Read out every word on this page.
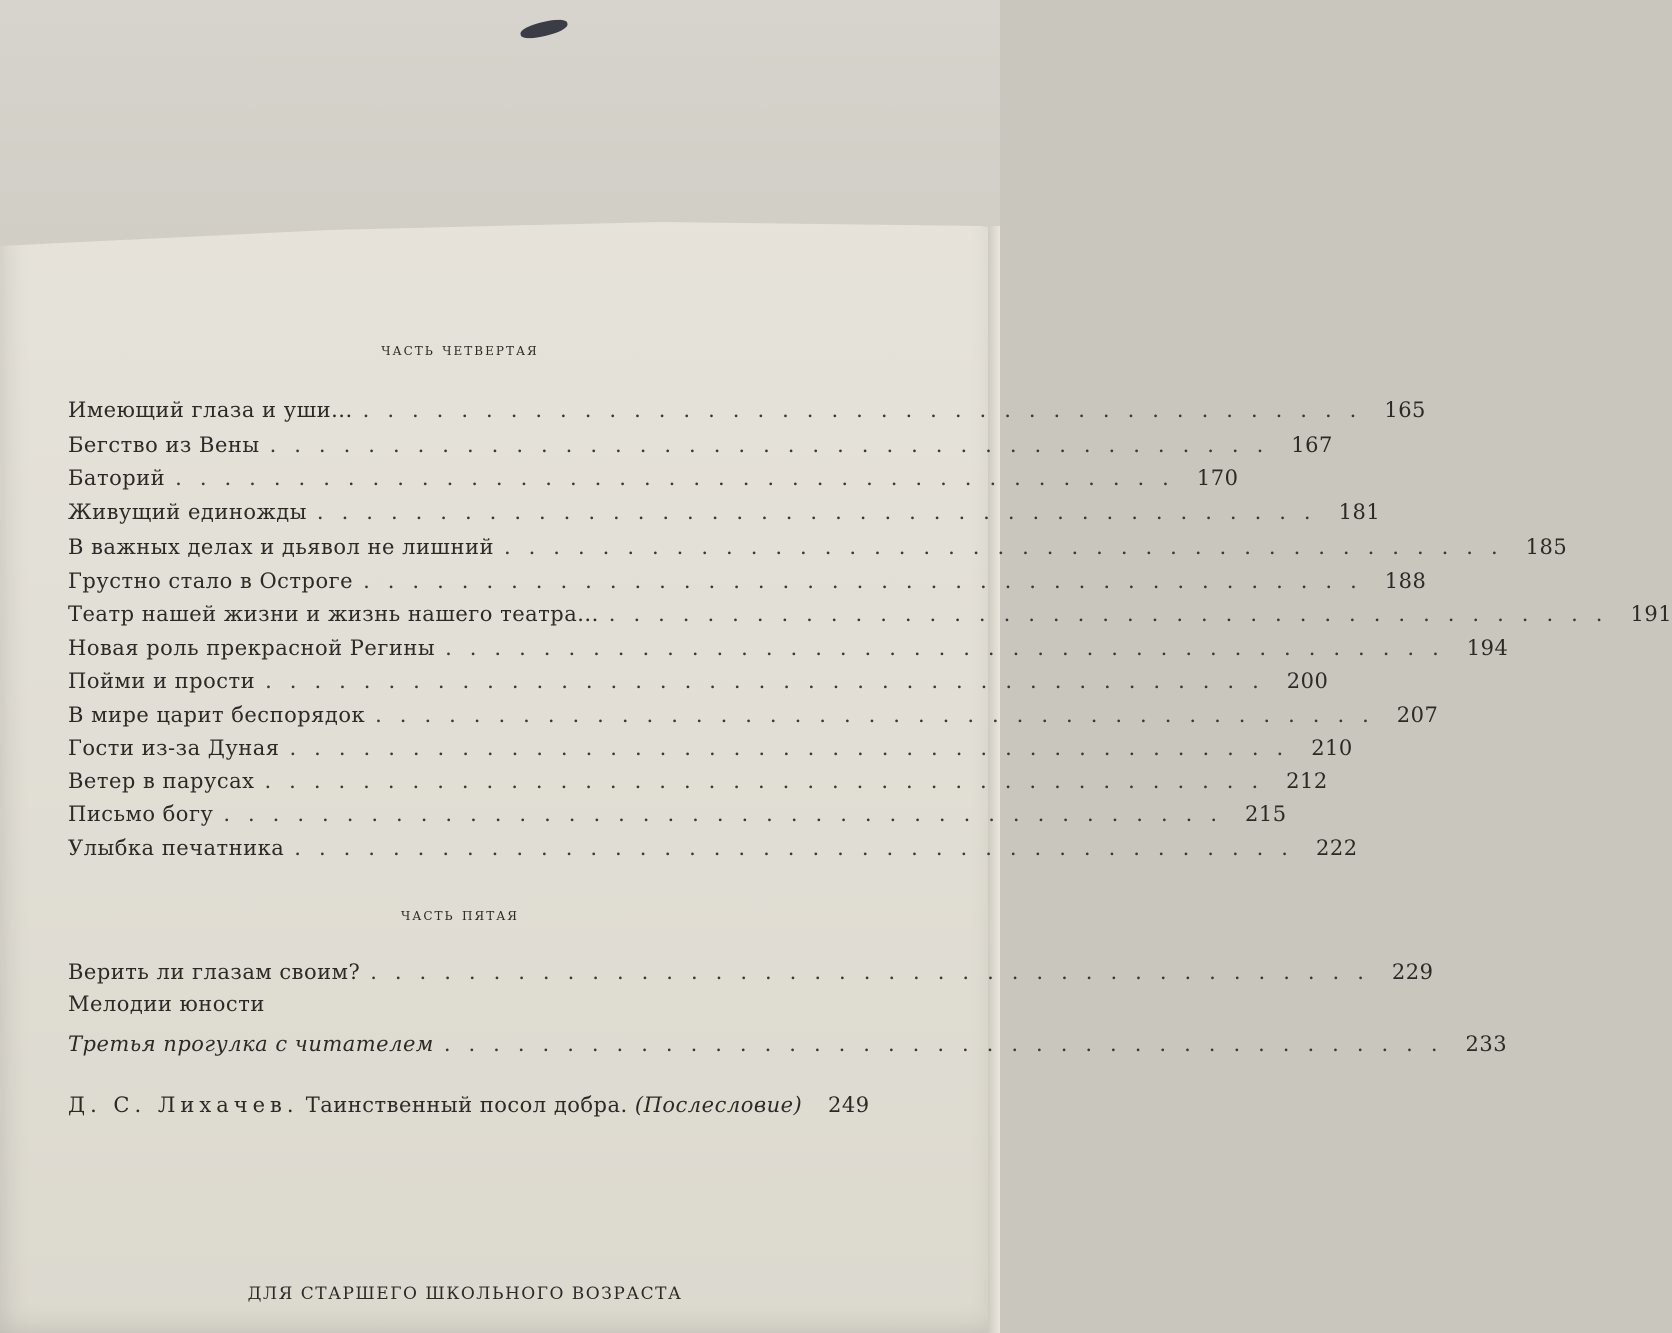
часть четвертая
Имеющий глаза и уши... ......................................... 165
Бегство из Вены ......................................... 167
Баторий ......................................... 170
Живущий единожды ......................................... 181
В важных делах и дьявол не лишний ......................................... 185
Грустно стало в Остроге ......................................... 188
Театр нашей жизни и жизнь нашего театра... ......................................... 191
Новая роль прекрасной Регины ......................................... 194
Пойми и прости ......................................... 200
В мире царит беспорядок ......................................... 207
Гости из-за Дуная ......................................... 210
Ветер в парусах ......................................... 212
Письмо богу ......................................... 215
Улыбка печатника ......................................... 222
часть пятая
Верить ли глазам своим? ......................................... 229
Мелодии юности
Третья прогулка с читателем ......................................... 233
Д. С. Лихачев. Таинственный посол добра. (Послесловие) 249
ДЛЯ СТАРШЕГО ШКОЛЬНОГО ВОЗРАСТА
